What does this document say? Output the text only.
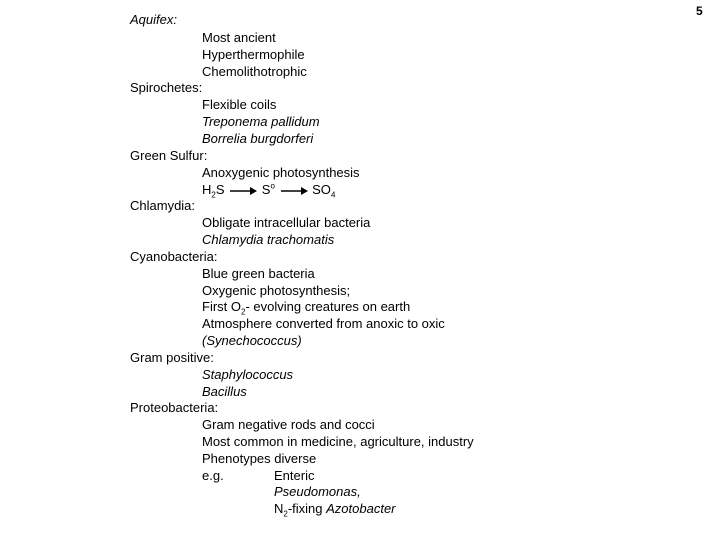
5
Aquifex:
Most ancient
Hyperthermophile
Chemolithotrophic
Spirochetes:
Flexible coils
Treponema pallidum
Borrelia burgdorferi
Green Sulfur:
Anoxygenic photosynthesis
$H_2S$	$S^o$	$SO_4$
Chlamydia:
Obligate intracellular bacteria
Chlamydia trachomatis
Cyanobacteria:
Blue green bacteria
Oxygenic photosynthesis;
First $O_2-$ evolving creatures on earth
Atmosphere converted from anoxic to oxic
(Synechococcus)
Gram positive:
Staphylococcus
Bacillus
Proteobacteria:
Gram negative rods and cocci
Most common in medicine, agriculture, industry
Phenotypes diverse
e.g.	Enteric
Pseudomonas,
$N_2$-fixing Azotobacter
